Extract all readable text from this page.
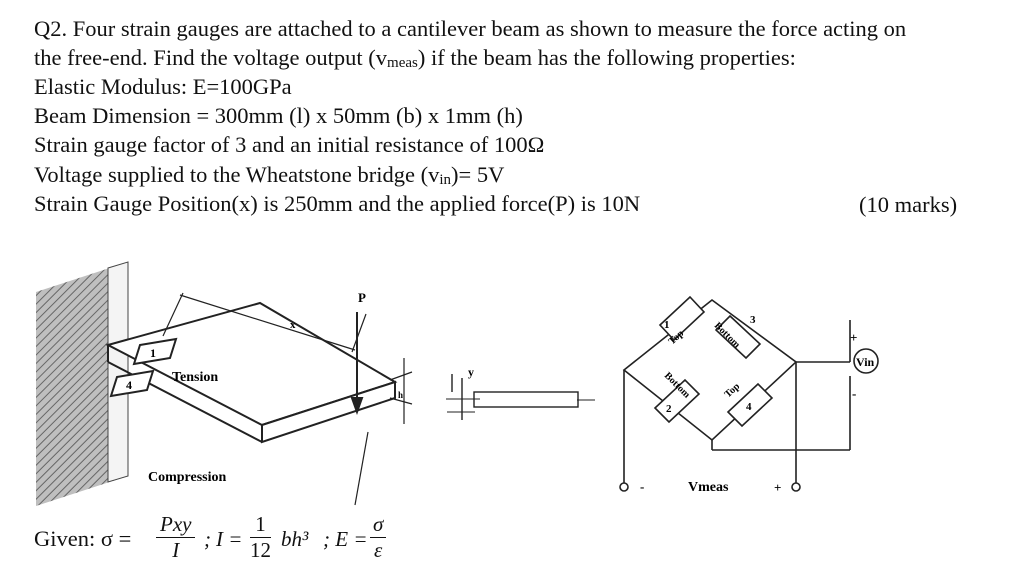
Q2. Four strain gauges are attached to a cantilever beam as shown to measure the force acting on
the free-end. Find the voltage output (vmeas) if the beam has the following properties:
Elastic Modulus: E=100GPa
Beam Dimension = 300mm (l) x 50mm (b) x 1mm (h)
Strain gauge factor of 3 and an initial resistance of 100Ω
Voltage supplied to the Wheatstone bridge (vin)= 5V
Strain Gauge Position(x) is 250mm and the applied force(P) is 10N	(10 marks)
1
4	Tension
Compression
x
P
h
y
1	3
2	4
Top	Bottom
Bottom	Top
Vin
+
-
-	Vmeas	+
Given: σ =
Pxy
I	; $I = \frac{1}{12} bh^3$ ; $E = \frac{\sigma}{\varepsilon}$
